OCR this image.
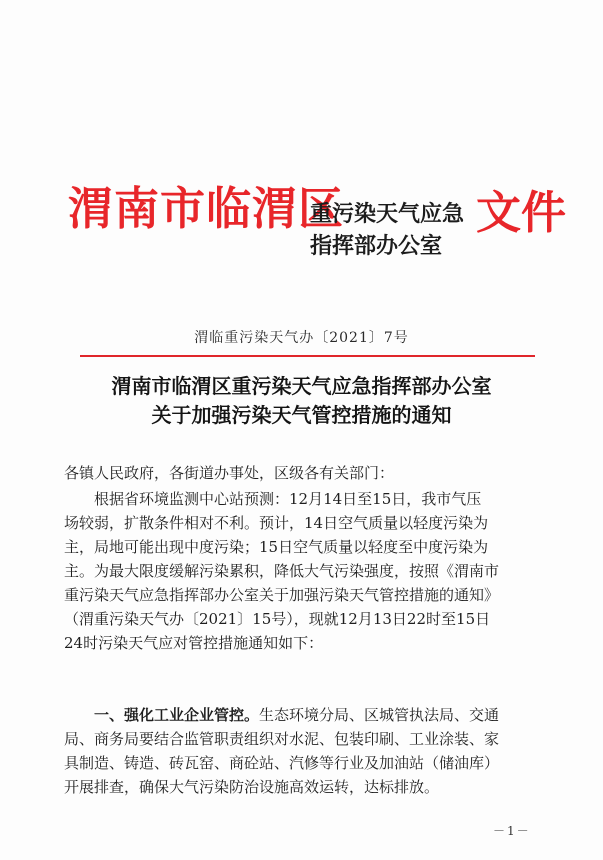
渭南市临渭区
重污染天气应急
指挥部办公室
文件
渭临重污染天气办〔2021〕7号
渭南市临渭区重污染天气应急指挥部办公室
关于加强污染天气管控措施的通知
各镇人民政府，各街道办事处，区级各有关部门：
根据省环境监测中心站预测：12月14日至15日，我市气压
场较弱，扩散条件相对不利。预计，14日空气质量以轻度污染为
主，局地可能出现中度污染；15日空气质量以轻度至中度污染为
主。为最大限度缓解污染累积，降低大气污染强度，按照《渭南市
重污染天气应急指挥部办公室关于加强污染天气管控措施的通知》
（渭重污染天气办〔2021〕15号），现就12月13日22时至15日
24时污染天气应对管控措施通知如下：
一、强化工业企业管控。生态环境分局、区城管执法局、交通
局、商务局要结合监管职责组织对水泥、包装印刷、工业涂装、家
具制造、铸造、砖瓦窑、商砼站、汽修等行业及加油站（储油库）
开展排查，确保大气污染防治设施高效运转，达标排放。
－1－
